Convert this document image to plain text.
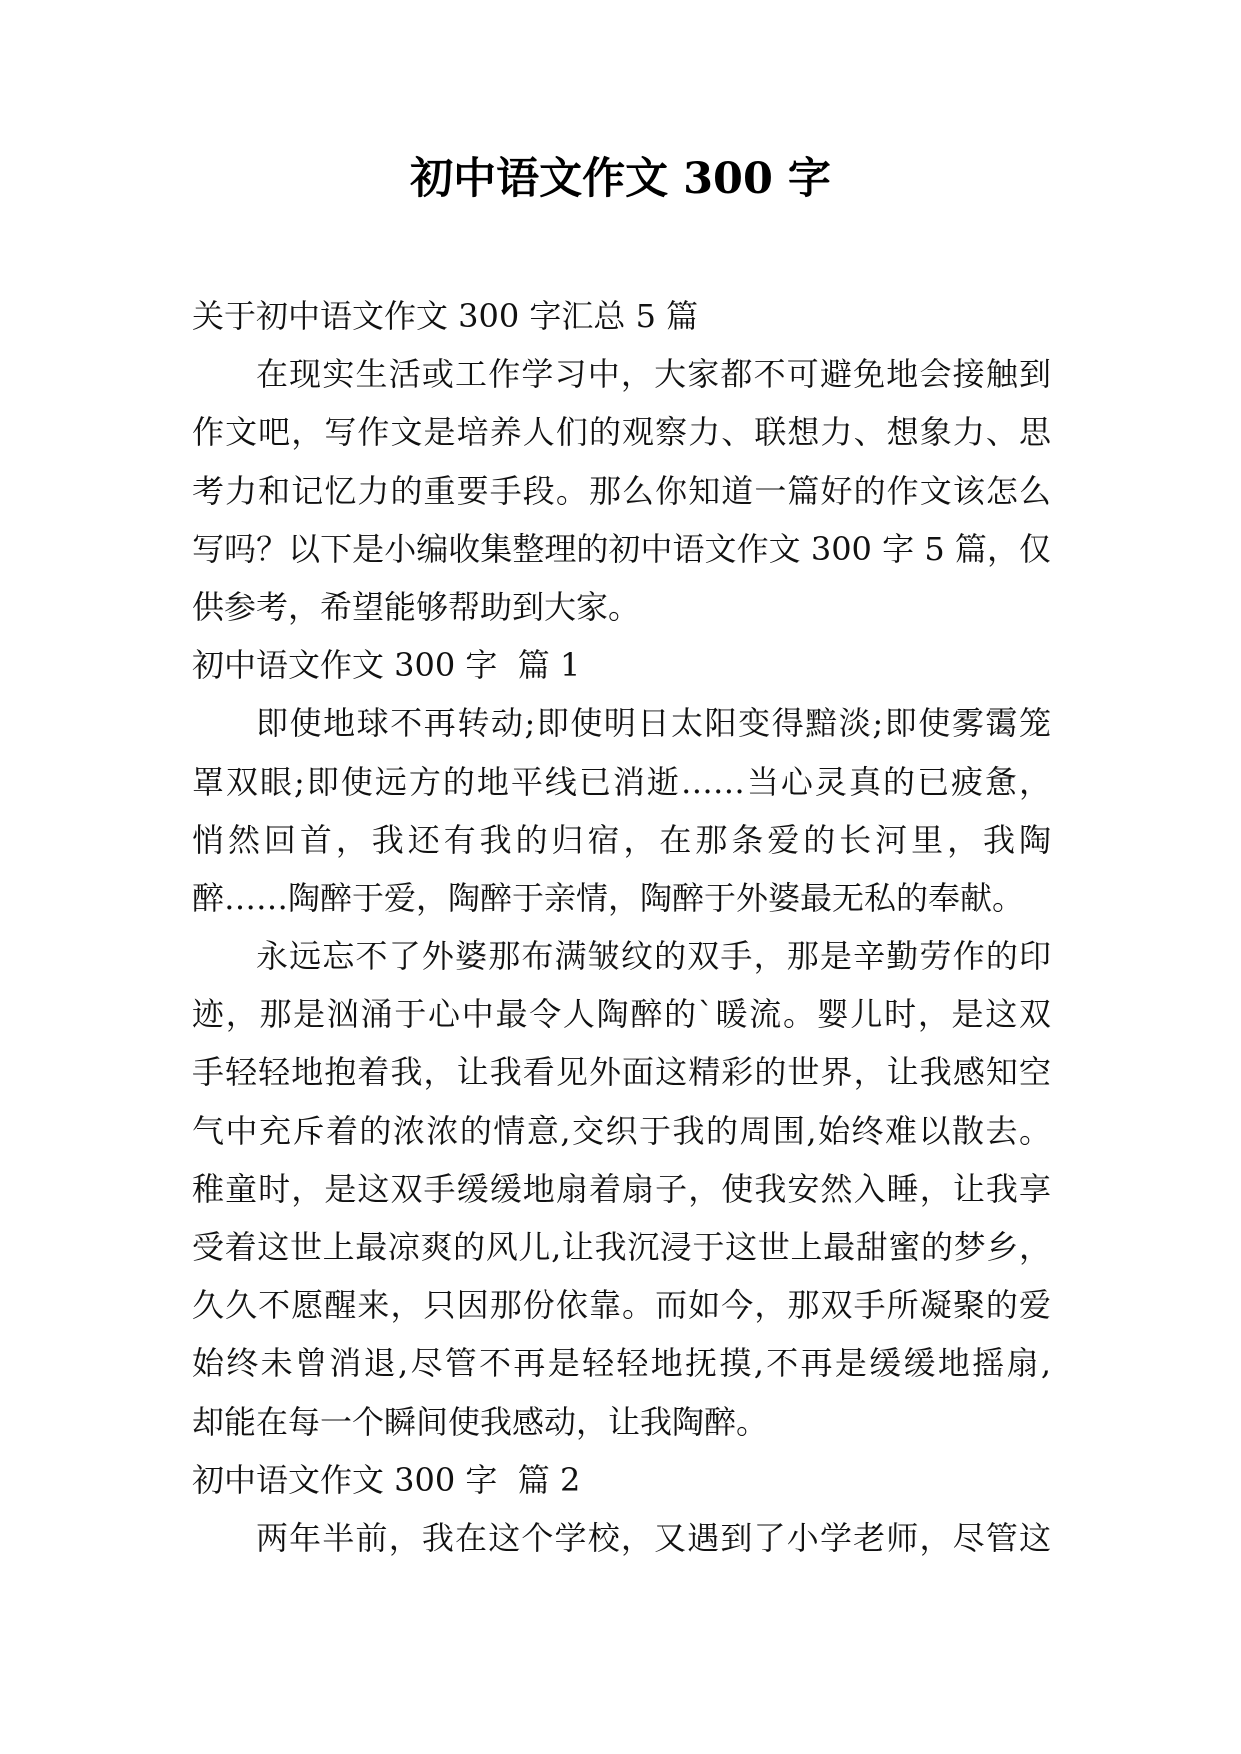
初中语文作文 300 字
关于初中语文作文 300 字汇总 5 篇
在现实生活或工作学习中，大家都不可避免地会接触到
作文吧，写作文是培养人们的观察力、联想力、想象力、思
考力和记忆力的重要手段。那么你知道一篇好的作文该怎么
写吗？以下是小编收集整理的初中语文作文 300 字 5 篇，仅
供参考，希望能够帮助到大家。
初中语文作文 300 字  篇 1
即使地球不再转动;即使明日太阳变得黯淡;即使雾霭笼
罩双眼;即使远方的地平线已消逝……当心灵真的已疲惫，
悄然回首，我还有我的归宿，在那条爱的长河里，我陶
醉……陶醉于爱，陶醉于亲情，陶醉于外婆最无私的奉献。
永远忘不了外婆那布满皱纹的双手，那是辛勤劳作的印
迹，那是汹涌于心中最令人陶醉的`暖流。婴儿时，是这双
手轻轻地抱着我，让我看见外面这精彩的世界，让我感知空
气中充斥着的浓浓的情意,交织于我的周围,始终难以散去。
稚童时，是这双手缓缓地扇着扇子，使我安然入睡，让我享
受着这世上最凉爽的风儿,让我沉浸于这世上最甜蜜的梦乡，
久久不愿醒来，只因那份依靠。而如今，那双手所凝聚的爱
始终未曾消退,尽管不再是轻轻地抚摸,不再是缓缓地摇扇,
却能在每一个瞬间使我感动，让我陶醉。
初中语文作文 300 字  篇 2
两年半前，我在这个学校，又遇到了小学老师，尽管这
